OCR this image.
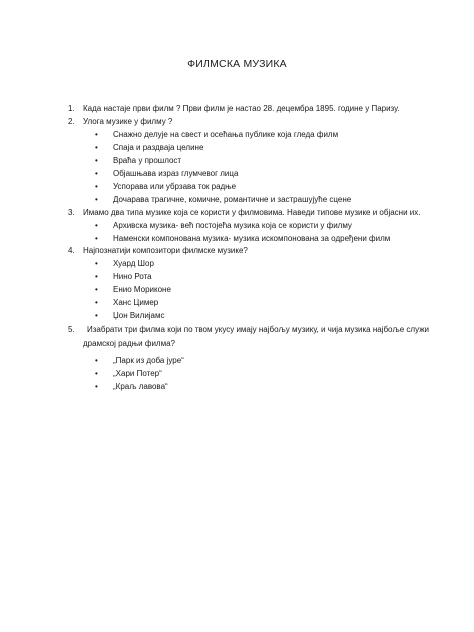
ФИЛМСКА МУЗИКА
1. Када настаје први филм ? Први филм је настао 28. децембра 1895. године у Паризу.
2. Улога музике у филму ?
• Снажно делује на свест и осећања публике која гледа филм
• Спаја и раздваја целине
• Враћа у прошлост
• Објашњава израз глумчевог лица
• Успорава или убрзава ток радње
• Дочарава трагичне, комичне, романтичне и застрашујуће сцене
3. Имамо два типа музике која се користи у филмовима. Наведи типове музике и објасни их.
• Архивска музика- већ постојећа музика која се користи у филму
• Наменски компонована музика- музика искомпонована за одређени филм
4. Најпознатији композитори филмске музике?
• Хуард Шор
• Нино Рота
• Енио Мориконе
• Ханс Цимер
• Џон Вилијамс
5. Изабрати три филма који по твом укусу имају најбољу музику, и чија музика најбоље служи
драмској радњи филма?
• „Парк из доба јуре“
• „Хари Потер“
• „Краљ лавова“
